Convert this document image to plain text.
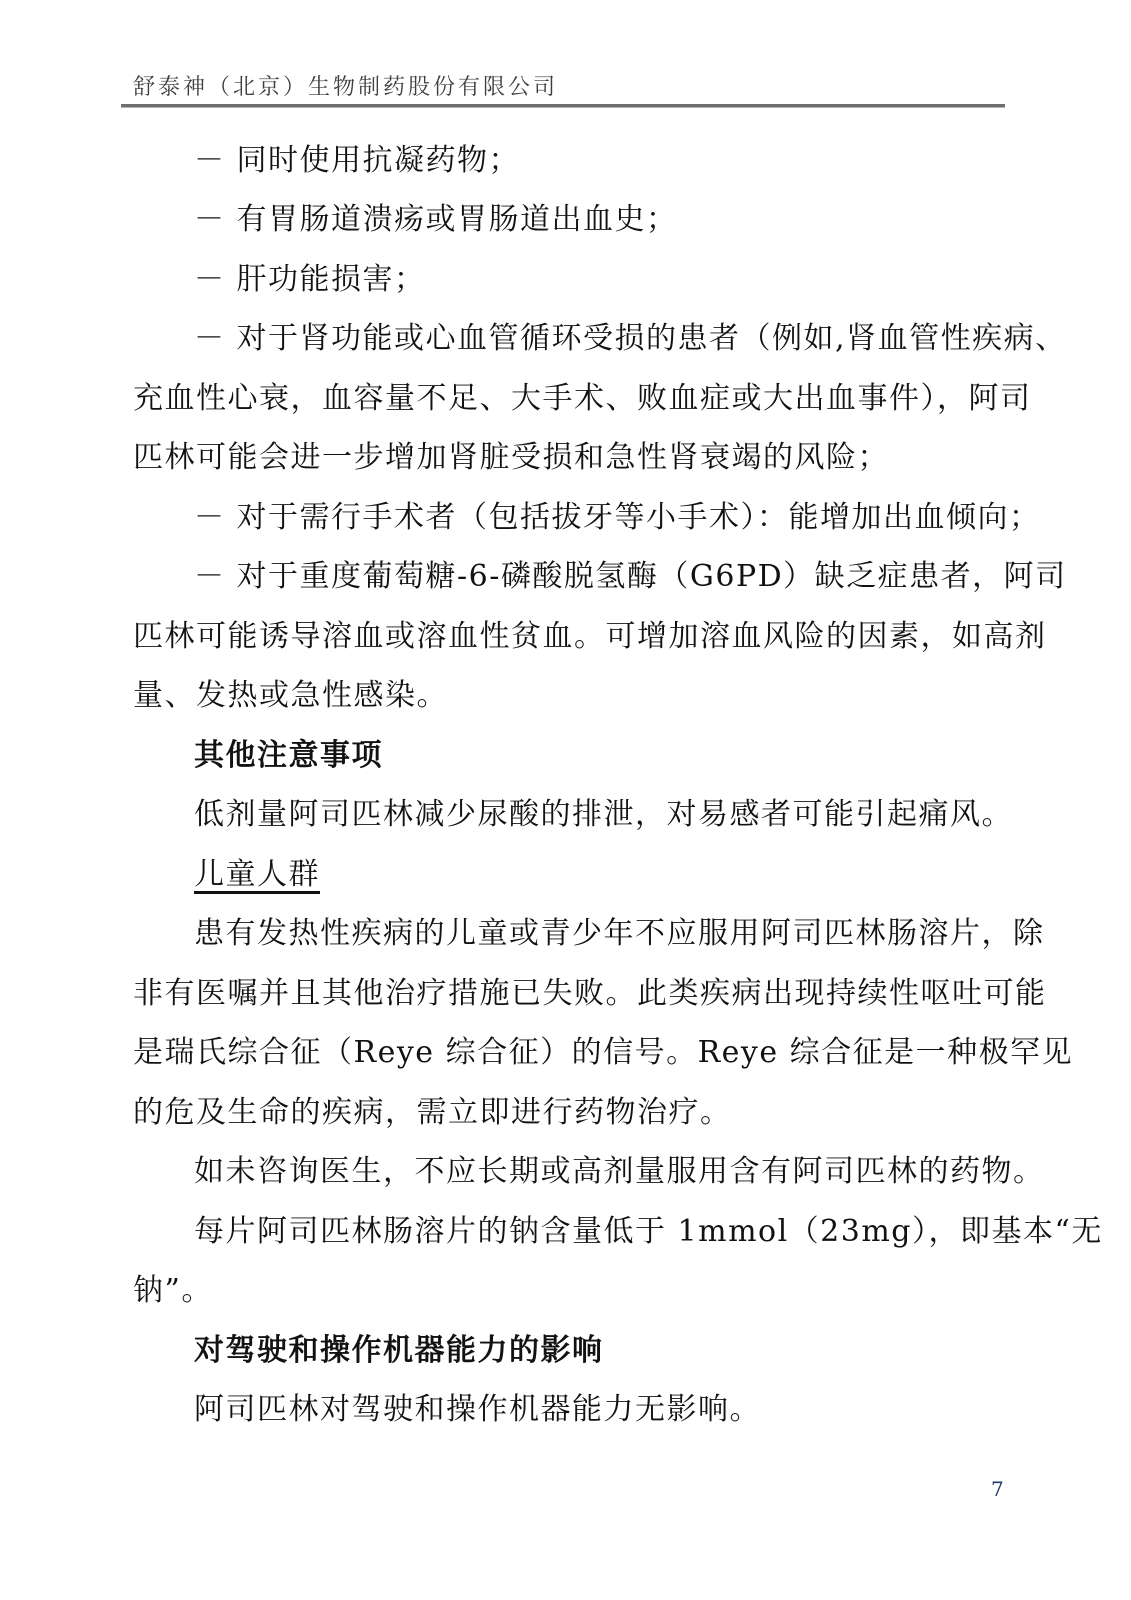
舒泰神（北京）生物制药股份有限公司
－ 同时使用抗凝药物；
－ 有胃肠道溃疡或胃肠道出血史；
－ 肝功能损害；
－ 对于肾功能或心血管循环受损的患者（例如,肾血管性疾病、
充血性心衰，血容量不足、大手术、败血症或大出血事件），阿司
匹林可能会进一步增加肾脏受损和急性肾衰竭的风险；
－ 对于需行手术者（包括拔牙等小手术）：能增加出血倾向；
－ 对于重度葡萄糖-6-磷酸脱氢酶（G6PD）缺乏症患者，阿司
匹林可能诱导溶血或溶血性贫血。可增加溶血风险的因素，如高剂
量、发热或急性感染。
其他注意事项
低剂量阿司匹林减少尿酸的排泄，对易感者可能引起痛风。
儿童人群
患有发热性疾病的儿童或青少年不应服用阿司匹林肠溶片，除
非有医嘱并且其他治疗措施已失败。此类疾病出现持续性呕吐可能
是瑞氏综合征（Reye 综合征）的信号。Reye 综合征是一种极罕见
的危及生命的疾病，需立即进行药物治疗。
如未咨询医生，不应长期或高剂量服用含有阿司匹林的药物。
每片阿司匹林肠溶片的钠含量低于 1mmol（23mg），即基本“无
钠”。
对驾驶和操作机器能力的影响
阿司匹林对驾驶和操作机器能力无影响。
7
